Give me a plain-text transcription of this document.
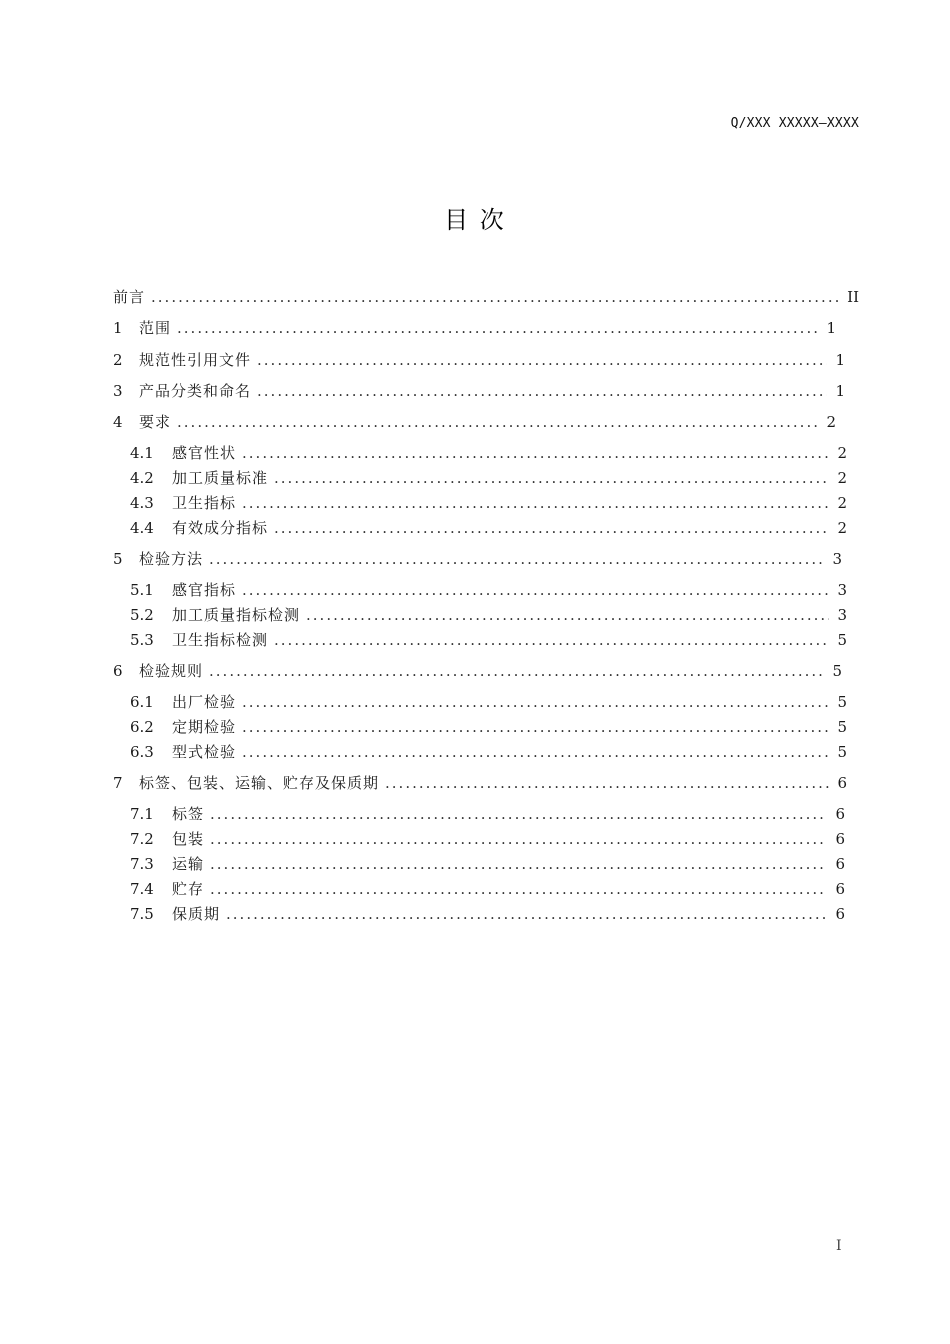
Q/XXX XXXXX—XXXX
目 次
前言 .....	II
1	范围 .....	1
2	规范性引用文件 .....	1
3	产品分类和命名 .....	1
4	要求 .....	2
4.1	感官性状 .....	2
4.2	加工质量标准 .....	2
4.3	卫生指标 .....	2
4.4	有效成分指标 .....	2
5	检验方法 .....	3
5.1	感官指标 .....	3
5.2	加工质量指标检测 .....	3
5.3	卫生指标检测 .....	5
6	检验规则 .....	5
6.1	出厂检验 .....	5
6.2	定期检验 .....	5
6.3	型式检验 .....	5
7	标签、包装、运输、贮存及保质期 .....	6
7.1	标签 .....	6
7.2	包装 .....	6
7.3	运输 .....	6
7.4	贮存 .....	6
7.5	保质期 .....	6
I
